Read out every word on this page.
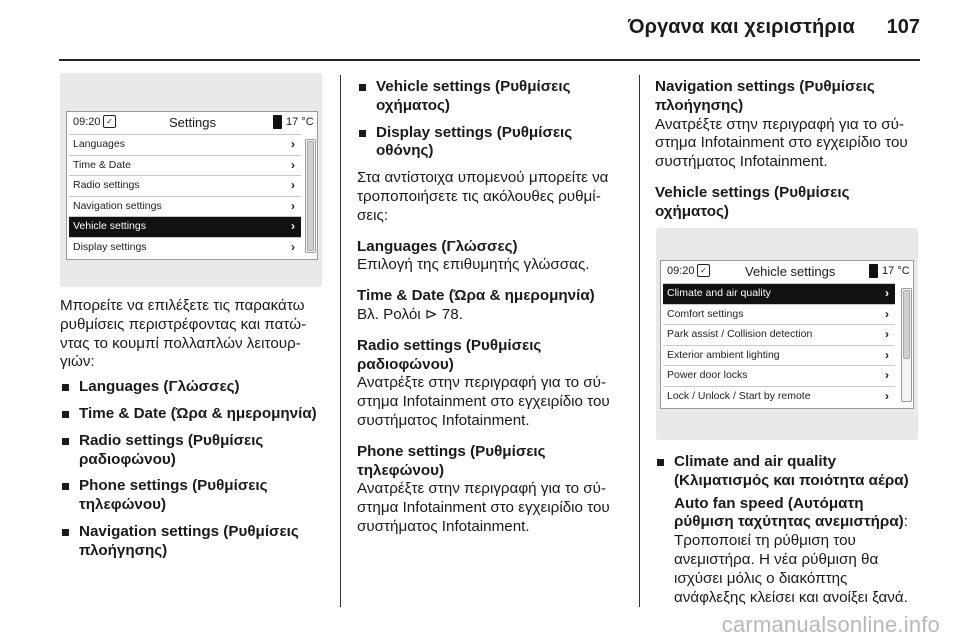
Όργανα και χειριστήρια 107
09:20 ✓	Settings	17 °C
Languages	›
Time & Date	›
Radio settings	›
Navigation settings	›
Vehicle settings	›
Display settings	›

Μπορείτε να επιλέξετε τις παρακάτω ρυθμίσεις περιστρέφοντας και πατώντας το κουμπί πολλαπλών λειτουργιών:

Languages (Γλώσσες)
Time & Date (Ώρα & ημερομηνία)
Radio settings (Ρυθμίσεις ραδιοφώνου)
Phone settings (Ρυθμίσεις τηλεφώνου)
Navigation settings (Ρυθμίσεις πλοήγησης)
Vehicle settings (Ρυθμίσεις οχήματος)
Display settings (Ρυθμίσεις οθόνης)

Στα αντίστοιχα υπομενού μπορείτε να τροποποιήσετε τις ακόλουθες ρυθμίσεις:

Languages (Γλώσσες)

Επιλογή της επιθυμητής γλώσσας.

Time & Date (Ώρα & ημερομηνία)

Βλ. Ρολόι ⊳ 78.

Radio settings (Ρυθμίσεις ραδιοφώνου)

Ανατρέξτε στην περιγραφή για το σύστημα Infotainment στο εγχειρίδιο του συστήματος Infotainment.

Phone settings (Ρυθμίσεις τηλεφώνου)

Ανατρέξτε στην περιγραφή για το σύστημα Infotainment στο εγχειρίδιο του συστήματος Infotainment.

Navigation settings (Ρυθμίσεις πλοήγησης)

Ανατρέξτε στην περιγραφή για το σύστημα Infotainment στο εγχειρίδιο του συστήματος Infotainment.

Vehicle settings (Ρυθμίσεις οχήματος)

09:20 ✓	Vehicle settings	17 °C
Climate and air quality	›
Comfort settings	›
Park assist / Collision detection	›
Exterior ambient lighting	›
Power door locks	›
Lock / Unlock / Start by remote	›
Climate and air quality (Κλιματισμός και ποιότητα αέρα)
Auto fan speed (Αυτόματη ρύθμιση ταχύτητας ανεμιστήρα): Τροποποιεί τη ρύθμιση του ανεμιστήρα. Η νέα ρύθμιση θα ισχύσει μόλις ο διακόπτης ανάφλεξης κλείσει και ανοίξει ξανά.
carmanualsonline.info
